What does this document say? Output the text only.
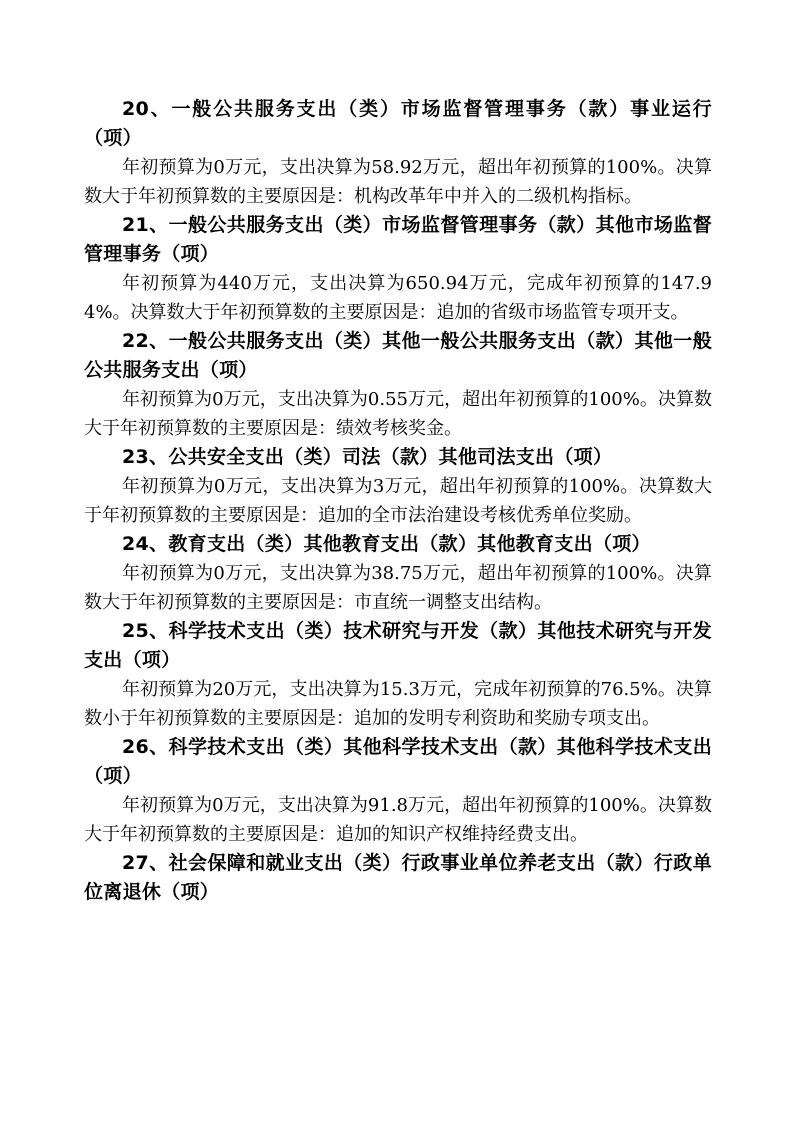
20、一般公共服务支出（类）市场监督管理事务（款）事业运行（项）

年初预算为0万元，支出决算为58.92万元，超出年初预算的100%。决算数大于年初预算数的主要原因是：机构改革年中并入的二级机构指标。

21、一般公共服务支出（类）市场监督管理事务（款）其他市场监督管理事务（项）

年初预算为440万元，支出决算为650.94万元，完成年初预算的147.94%。决算数大于年初预算数的主要原因是：追加的省级市场监管专项开支。

22、一般公共服务支出（类）其他一般公共服务支出（款）其他一般公共服务支出（项）

年初预算为0万元，支出决算为0.55万元，超出年初预算的100%。决算数大于年初预算数的主要原因是：绩效考核奖金。

23、公共安全支出（类）司法（款）其他司法支出（项）

年初预算为0万元，支出决算为3万元，超出年初预算的100%。决算数大于年初预算数的主要原因是：追加的全市法治建设考核优秀单位奖励。

24、教育支出（类）其他教育支出（款）其他教育支出（项）

年初预算为0万元，支出决算为38.75万元，超出年初预算的100%。决算数大于年初预算数的主要原因是：市直统一调整支出结构。

25、科学技术支出（类）技术研究与开发（款）其他技术研究与开发支出（项）

年初预算为20万元，支出决算为15.3万元，完成年初预算的76.5%。决算数小于年初预算数的主要原因是：追加的发明专利资助和奖励专项支出。

26、科学技术支出（类）其他科学技术支出（款）其他科学技术支出（项）

年初预算为0万元，支出决算为91.8万元，超出年初预算的100%。决算数大于年初预算数的主要原因是：追加的知识产权维持经费支出。

27、社会保障和就业支出（类）行政事业单位养老支出（款）行政单位离退休（项）
